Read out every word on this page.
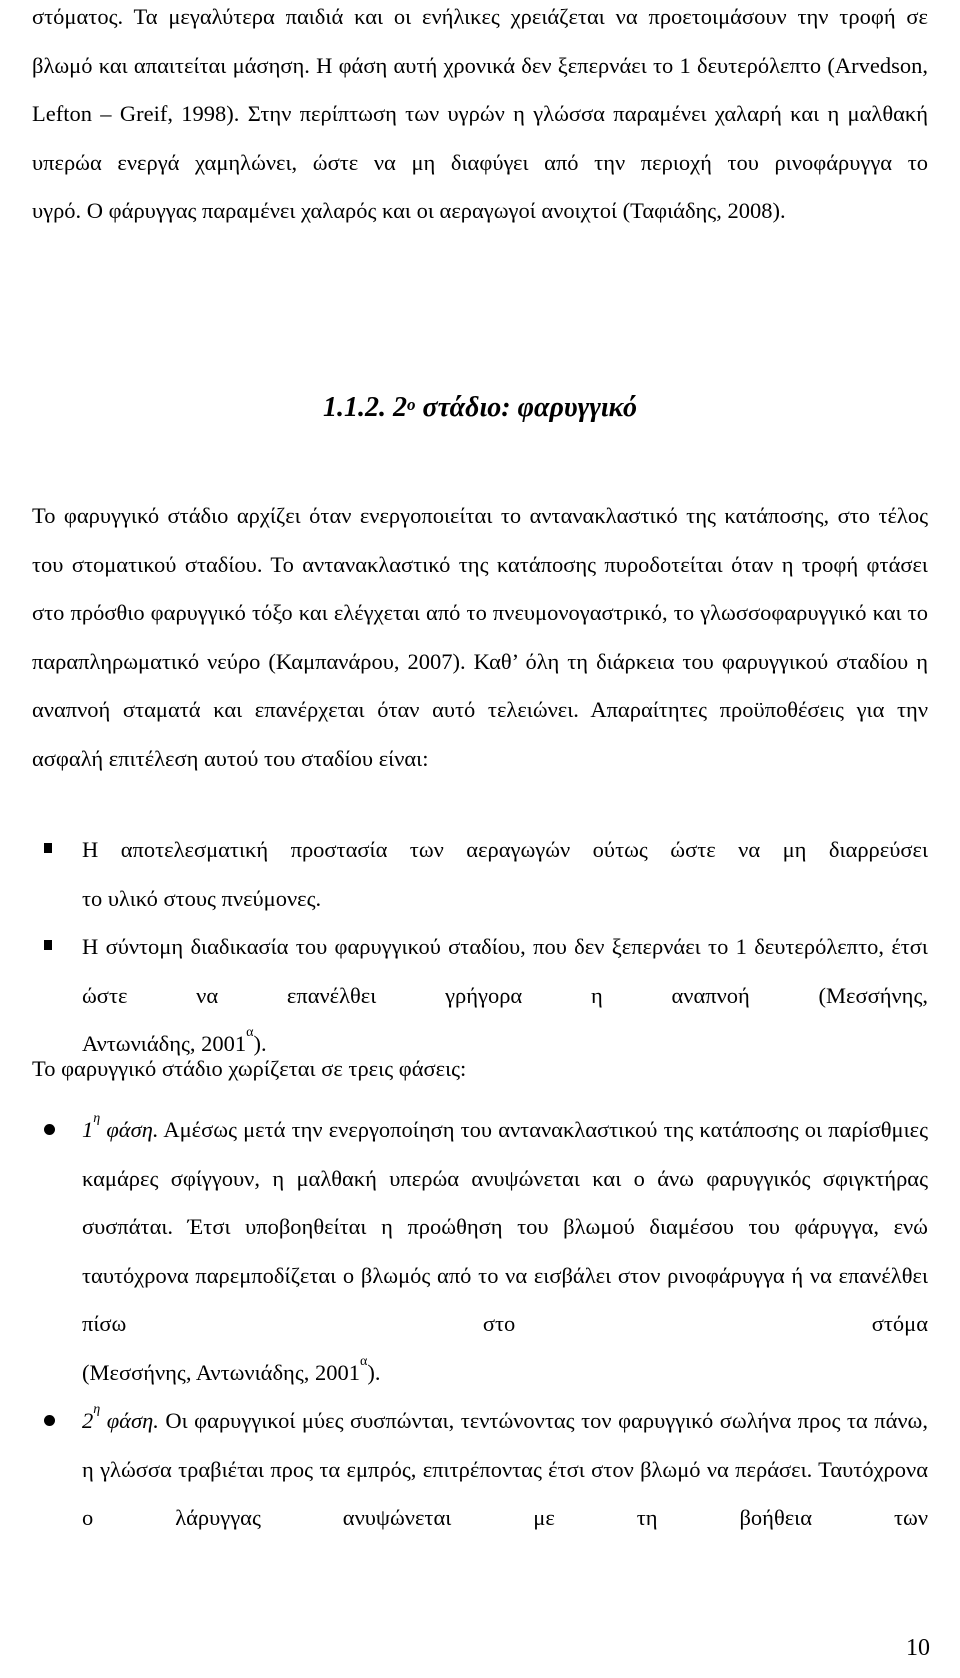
στόματος. Τα μεγαλύτερα παιδιά και οι ενήλικες χρειάζεται να προετοιμάσουν την τροφή σε βλωμό και απαιτείται μάσηση. Η φάση αυτή χρονικά δεν ξεπερνάει το 1 δευτερόλεπτο (Arvedson, Lefton – Greif, 1998). Στην περίπτωση των υγρών η γλώσσα παραμένει χαλαρή και η μαλθακή υπερώα ενεργά χαμηλώνει, ώστε να μη διαφύγει από την περιοχή του ρινοφάρυγγα το

υγρό. Ο φάρυγγας παραμένει χαλαρός και οι αεραγωγοί ανοιχτοί (Ταφιάδης, 2008).

1.1.2. $2^o$ στάδιο: φαρυγγικό

Το φαρυγγικό στάδιο αρχίζει όταν ενεργοποιείται το αντανακλαστικό της κατάποσης, στο τέλος του στοματικού σταδίου. Το αντανακλαστικό της κατάποσης πυροδοτείται όταν η τροφή φτάσει στο πρόσθιο φαρυγγικό τόξο και ελέγχεται από το πνευμονογαστρικό, το γλωσσοφαρυγγικό και το παραπληρωματικό νεύρο (Καμπανάρου, 2007). Καθ’ όλη τη διάρκεια του φαρυγγικού σταδίου η αναπνοή σταματά και επανέρχεται όταν αυτό τελειώνει. Απαραίτητες προϋποθέσεις για την

ασφαλή επιτέλεση αυτού του σταδίου είναι:

Η αποτελεσματική προστασία των αεραγωγών ούτως ώστε να μη διαρρεύσει

το υλικό στους πνεύμονες.

Η σύντομη διαδικασία του φαρυγγικού σταδίου, που δεν ξεπερνάει το 1 δευτερόλεπτο, έτσι ώστε να επανέλθει γρήγορα η αναπνοή (Μεσσήνης,

Αντωνιάδης, $2001^\alpha$).

Το φαρυγγικό στάδιο χωρίζεται σε τρεις φάσεις:

$1^\eta$ φάση. Αμέσως μετά την ενεργοποίηση του αντανακλαστικού της κατάποσης οι παρίσθμιες καμάρες σφίγγουν, η μαλθακή υπερώα ανυψώνεται και ο άνω φαρυγγικός σφιγκτήρας συσπάται. Έτσι υποβοηθείται η προώθηση του βλωμού διαμέσου του φάρυγγα, ενώ ταυτόχρονα παρεμποδίζεται ο βλωμός από το να εισβάλει στον ρινοφάρυγγα ή να επανέλθει πίσω στο στόμα

(Μεσσήνης, Αντωνιάδης, $2001^\alpha$).

$2^\eta$ φάση. Οι φαρυγγικοί μύες συσπώνται, τεντώνοντας τον φαρυγγικό σωλήνα προς τα πάνω, η γλώσσα τραβιέται προς τα εμπρός, επιτρέποντας έτσι στον βλωμό να περάσει. Ταυτόχρονα ο λάρυγγας ανυψώνεται με τη βοήθεια των

10
